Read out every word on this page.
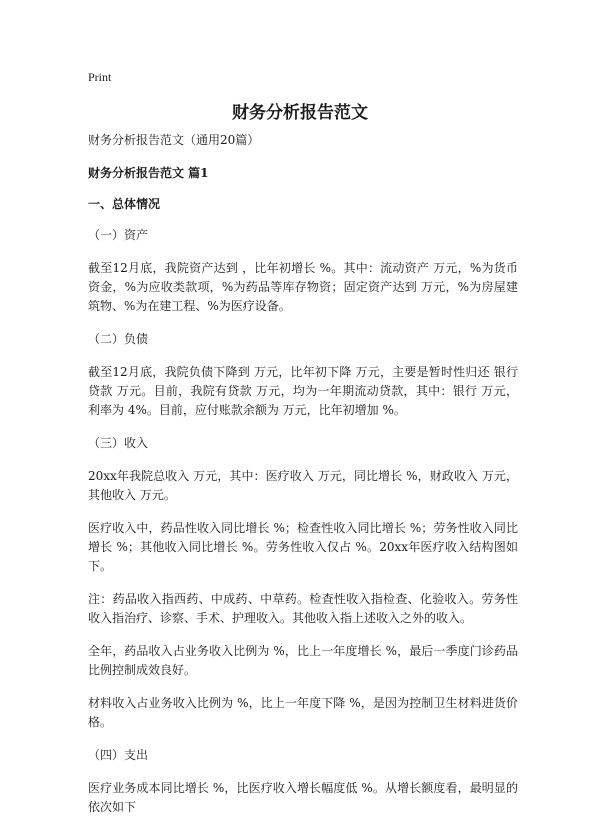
Print
财务分析报告范文

财务分析报告范文（通用20篇）

财务分析报告范文 篇1

一、总体情况

（一）资产

截至12月底，我院资产达到 ，比年初增长 %。其中：流动资产 万元，%为货币资金，%为应收类款项，%为药品等库存物资；固定资产达到 万元，%为房屋建筑物、%为在建工程、%为医疗设备。

（二）负债

截至12月底，我院负债下降到 万元，比年初下降 万元，主要是暂时性归还 银行贷款 万元。目前，我院有贷款 万元，均为一年期流动贷款，其中：银行 万元，利率为 4%。目前，应付账款余额为 万元，比年初增加 %。

（三）收入

20xx年我院总收入 万元，其中：医疗收入 万元，同比增长 %，财政收入 万元，其他收入 万元。

医疗收入中，药品性收入同比增长 %；检查性收入同比增长 %；劳务性收入同比增长 %；其他收入同比增长 %。劳务性收入仅占 %。20xx年医疗收入结构图如下。

注：药品收入指西药、中成药、中草药。检查性收入指检查、化验收入。劳务性收入指治疗、诊察、手术、护理收入。其他收入指上述收入之外的收入。

全年，药品收入占业务收入比例为 %，比上一年度增长 %，最后一季度门诊药品比例控制成效良好。

材料收入占业务收入比例为 %，比上一年度下降 %，是因为控制卫生材料进货价格。

（四）支出

医疗业务成本同比增长 %，比医疗收入增长幅度低 %。从增长额度看，最明显的依次如下
